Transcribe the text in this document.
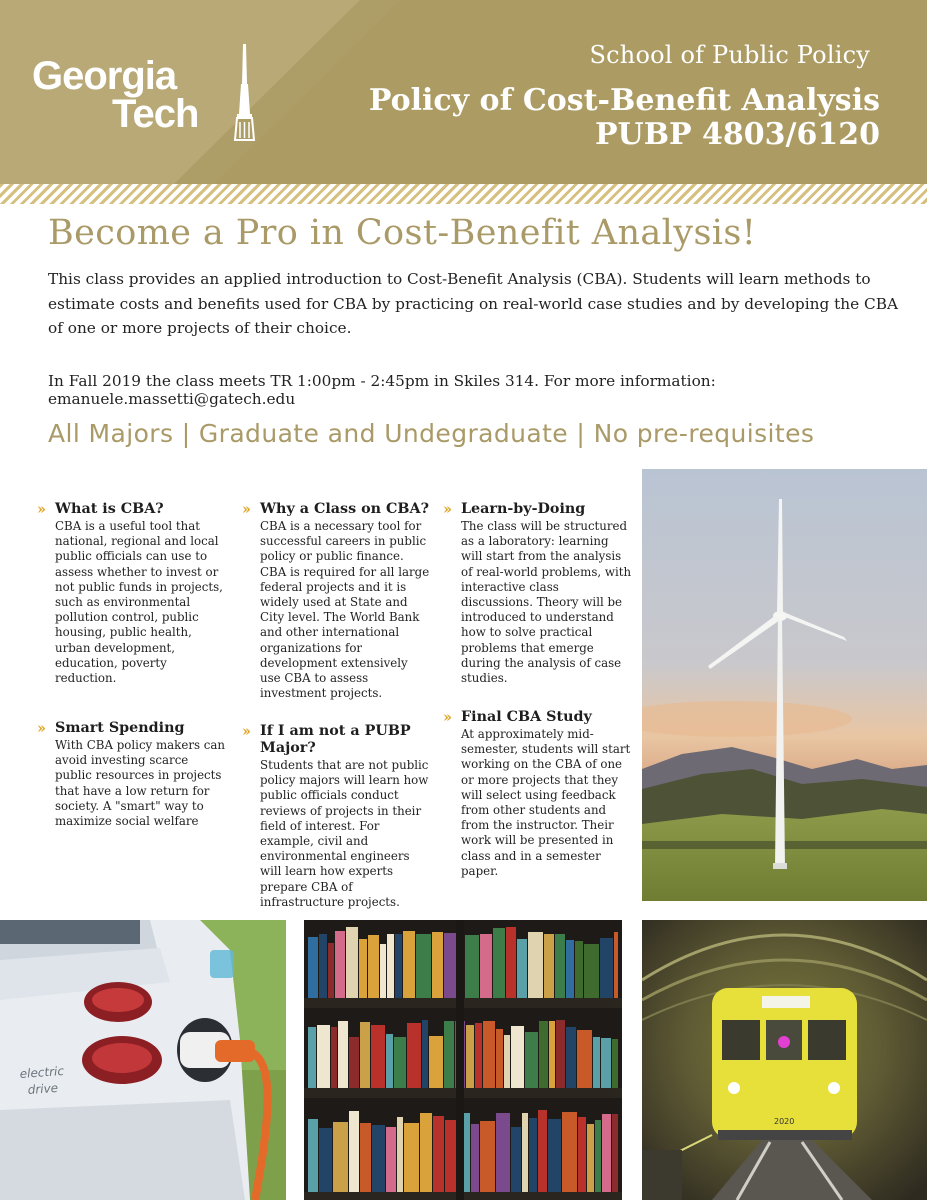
Georgia
Tech
School of Public Policy
Policy of Cost-Benefit Analysis
PUBP 4803/6120
Become a Pro in Cost-Benefit Analysis!
This class provides an applied introduction to Cost-Benefit Analysis (CBA). Students will learn methods to estimate costs and benefits used for CBA by practicing on real-world case studies and by developing the CBA of one or more projects of their choice.
In Fall 2019 the class meets TR 1:00pm - 2:45pm in Skiles 314. For more information: emanuele.massetti@gatech.edu
All Majors | Graduate and Undegraduate | No pre-requisites
›› What is CBA?
CBA is a useful tool that national, regional and local public officials can use to assess whether to invest or not public funds in projects, such as environmental pollution control, public housing, public health, urban development, education, poverty reduction.
›› Smart Spending
With CBA policy makers can avoid investing scarce public resources in projects that have a low return for society. A "smart" way to maximize social welfare
›› Why a Class on CBA?
CBA is a necessary tool for successful careers in public policy or public finance. CBA is required for all large federal projects and it is widely used at State and City level. The World Bank and other international organizations for development extensively use CBA to assess investment projects.
›› If I am not a PUBP Major?
Students that are not public policy majors will learn how public officials conduct reviews of projects in their field of interest. For example, civil and environmental engineers will learn how experts prepare CBA of infrastructure projects.
›› Learn-by-Doing
The class will be structured as a laboratory: learning will start from the analysis of real-world problems, with interactive class discussions. Theory will be introduced to understand how to solve practical problems that emerge during the analysis of case studies.
›› Final CBA Study
At approximately mid-semester, students will start working on the CBA of one or more projects that they will select using feedback from other students and from the instructor. Their work will be presented in class and in a semester paper.
electric
drive
2020
